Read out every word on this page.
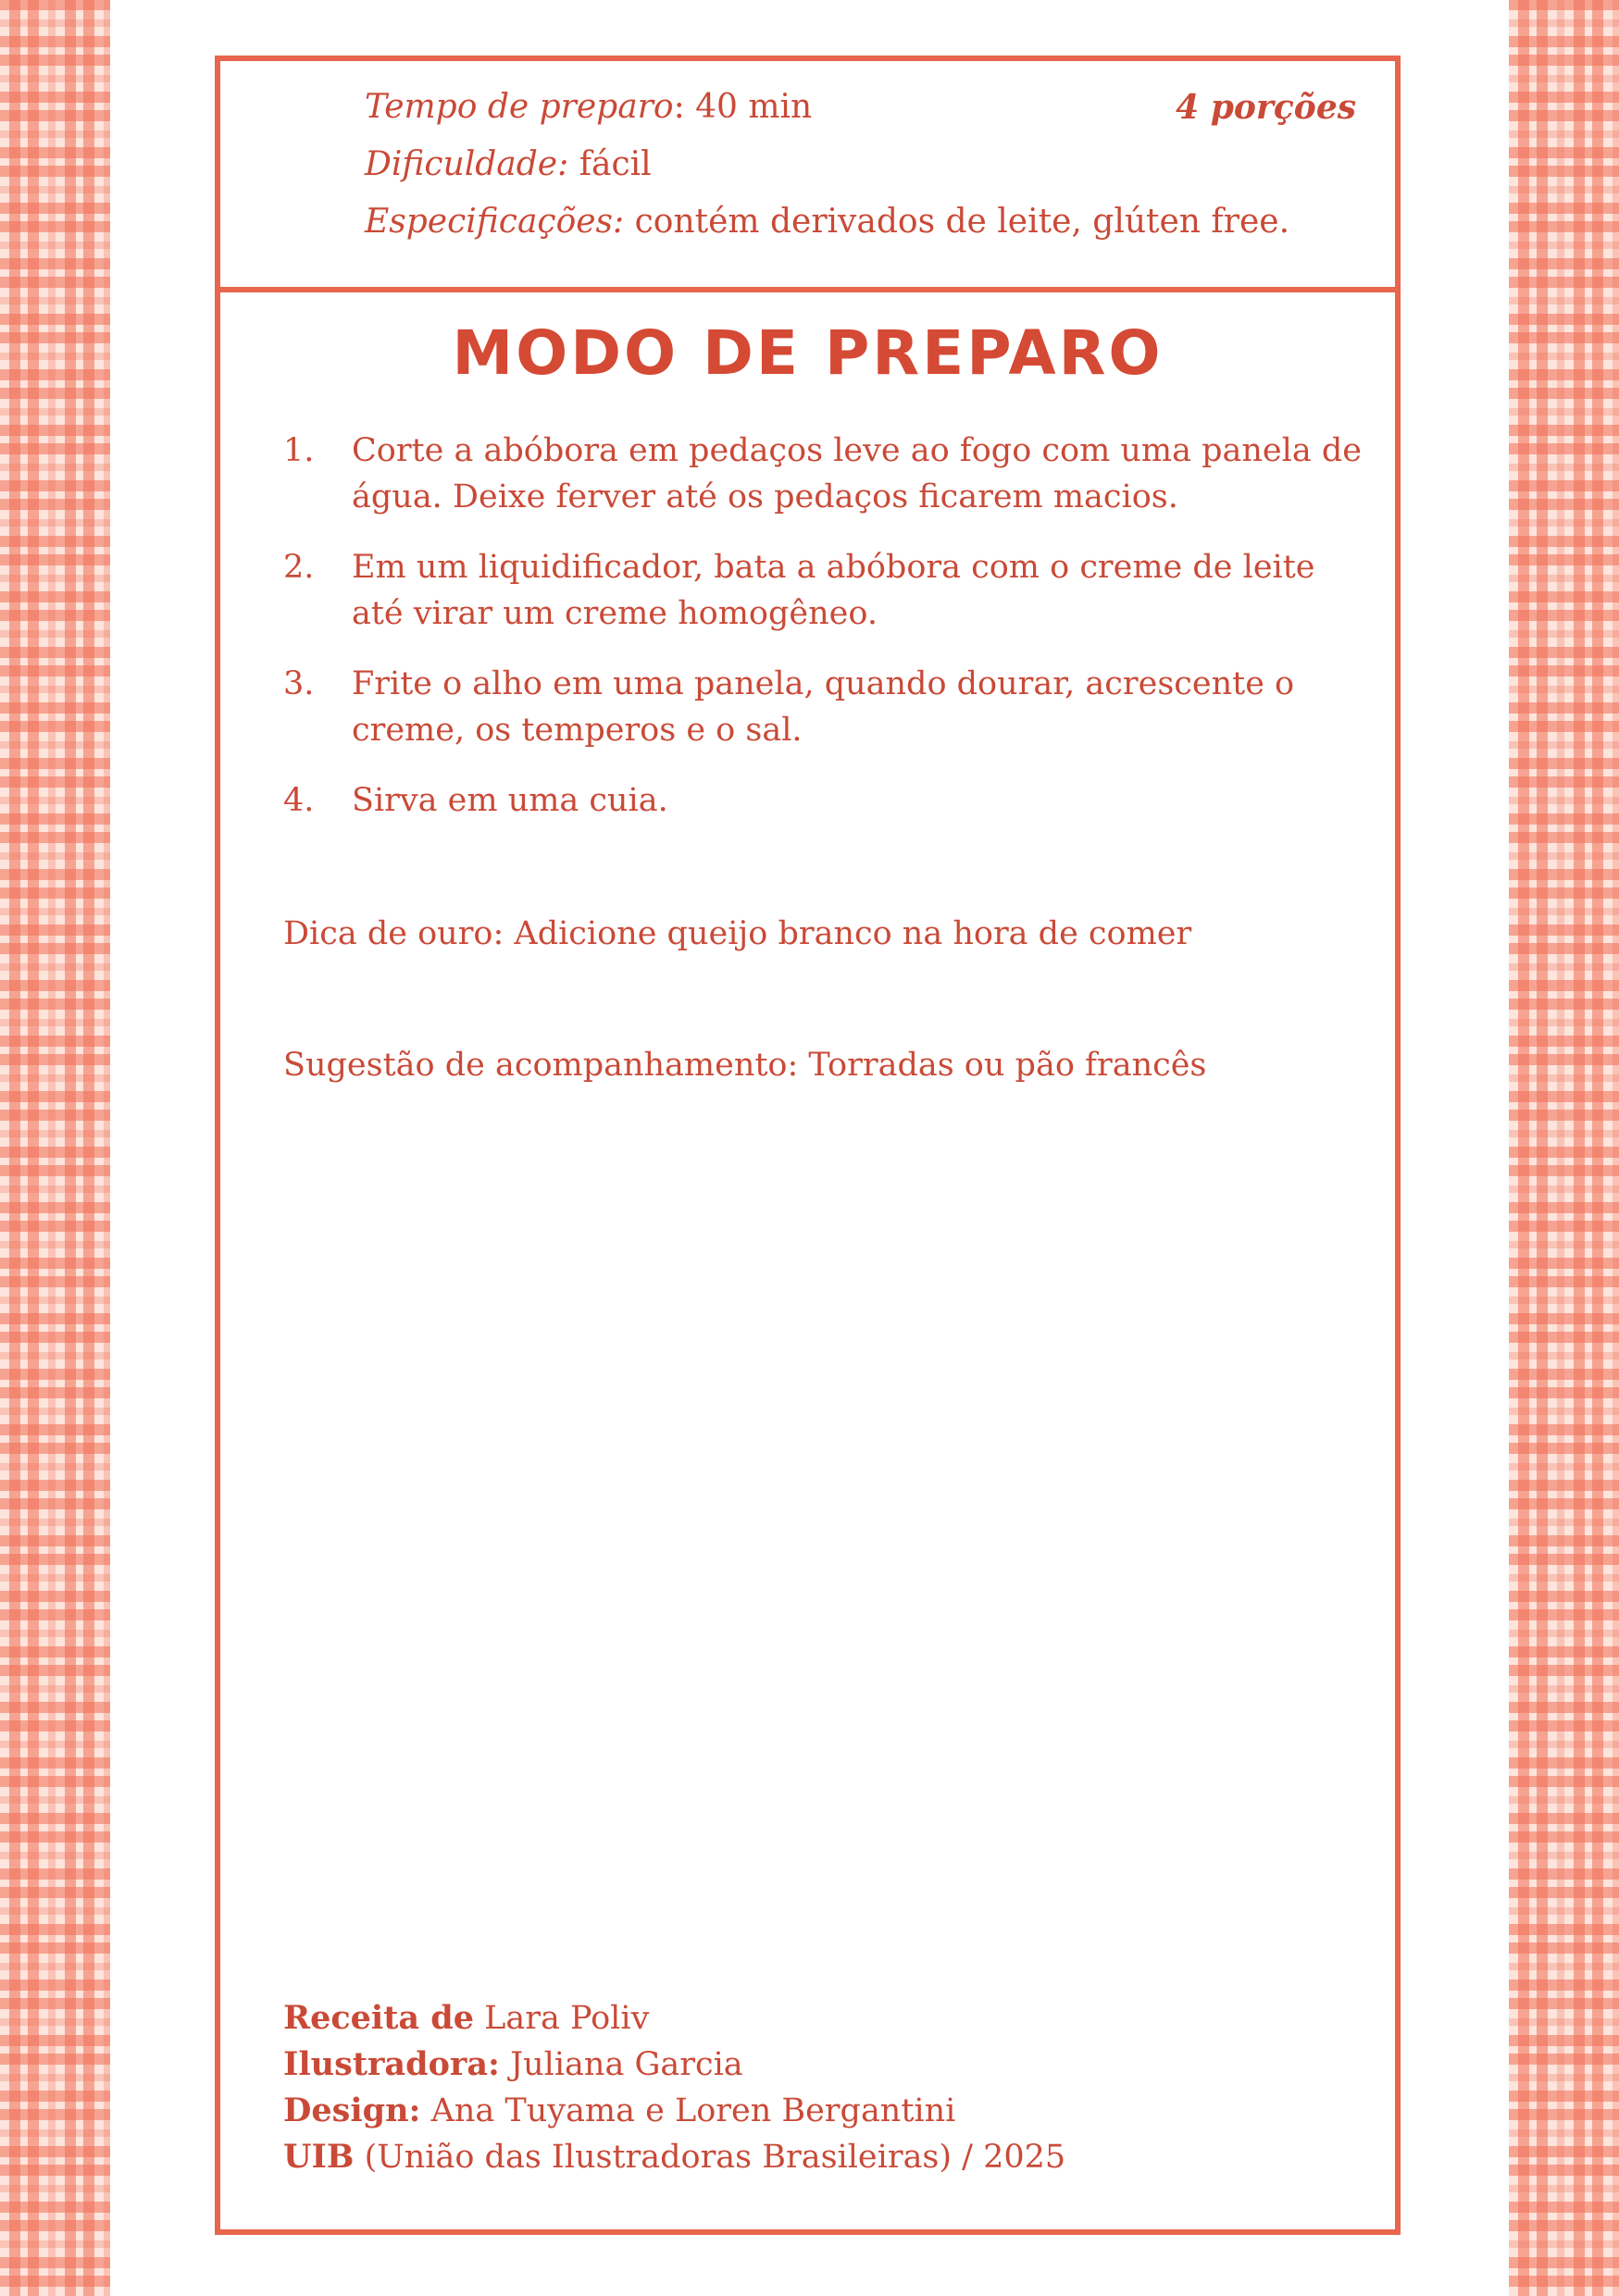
Tempo de preparo: 40 min
Dificuldade: fácil
Especificações: contém derivados de leite, glúten free.
4 porções
MODO DE PREPARO
1. Corte a abóbora em pedaços leve ao fogo com uma panela de água. Deixe ferver até os pedaços ficarem macios.
2. Em um liquidificador, bata a abóbora com o creme de leite até virar um creme homogêneo.
3. Frite o alho em uma panela, quando dourar, acrescente o creme, os temperos e o sal.
4. Sirva em uma cuia.
Dica de ouro: Adicione queijo branco na hora de comer
Sugestão de acompanhamento: Torradas ou pão francês
Receita de Lara Poliv
Ilustradora: Juliana Garcia
Design: Ana Tuyama e Loren Bergantini
UIB (União das Ilustradoras Brasileiras) / 2025
